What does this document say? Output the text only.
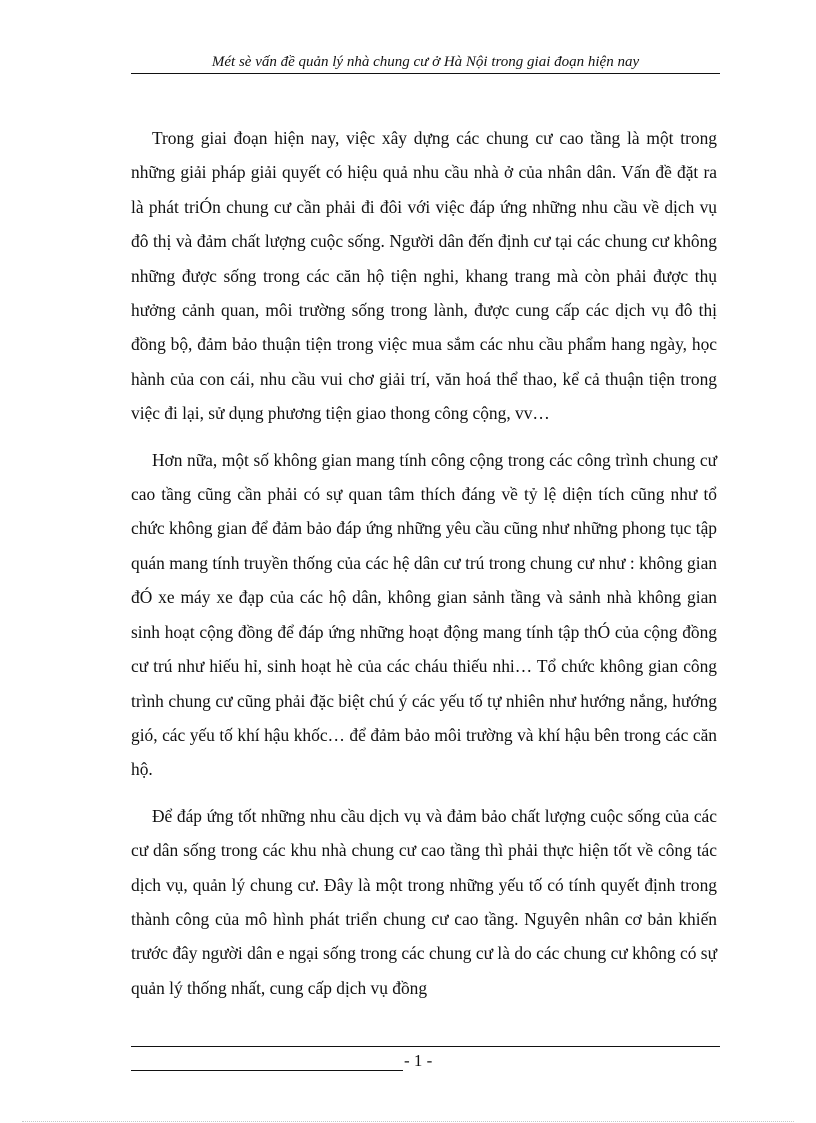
Mét sè vấn đề quản lý nhà chung cư ở Hà Nội trong giai đoạn hiện nay

Trong giai đoạn hiện nay, việc xây dựng các chung cư cao tầng là một trong những giải pháp giải quyết có hiệu quả nhu cầu nhà ở của nhân dân. Vấn đề đặt ra là phát triÓn chung cư cần phải đi đôi với việc đáp ứng những nhu cầu về dịch vụ đô thị và đảm chất lượng cuộc sống. Người dân đến định cư tại các chung cư không những được sống trong các căn hộ tiện nghi, khang trang mà còn phải được thụ hưởng cảnh quan, môi trường sống trong lành, được cung cấp các dịch vụ đô thị đồng bộ, đảm bảo thuận tiện trong việc mua sắm các nhu cầu phẩm hang ngày, học hành của con cái, nhu cầu vui chơ giải trí, văn hoá thể thao, kể cả thuận tiện trong việc đi lại, sử dụng phương tiện giao thong công cộng, vv…

Hơn nữa, một số không gian mang tính công cộng trong các công trình chung cư cao tầng cũng cần phải có sự quan tâm thích đáng về tỷ lệ diện tích cũng như tổ chức không gian để đảm bảo đáp ứng những yêu cầu cũng như những phong tục tập quán mang tính truyền thống của các hệ dân cư trú trong chung cư như : không gian đÓ xe máy xe đạp của các hộ dân, không gian sảnh tầng và sảnh nhà không gian sinh hoạt cộng đồng để đáp ứng những hoạt động mang tính tập thÓ của cộng đồng cư trú như hiếu hỉ, sinh hoạt hè của các cháu thiếu nhi… Tổ chức không gian công trình chung cư cũng phải đặc biệt chú ý các yếu tố tự nhiên như hướng nắng, hướng gió, các yếu tố khí hậu khốc… để đảm bảo môi trường và khí hậu bên trong các căn hộ.

Để đáp ứng tốt những nhu cầu dịch vụ và đảm bảo chất lượng cuộc sống của các cư dân sống trong các khu nhà chung cư cao tầng thì phải thực hiện tốt về công tác dịch vụ, quản lý chung cư. Đây là một trong những yếu tố có tính quyết định trong thành công của mô hình phát triển chung cư cao tầng. Nguyên nhân cơ bản khiến trước đây người dân e ngại sống trong các chung cư là do các chung cư không có sự quản lý thống nhất, cung cấp dịch vụ đồng

- 1 -
